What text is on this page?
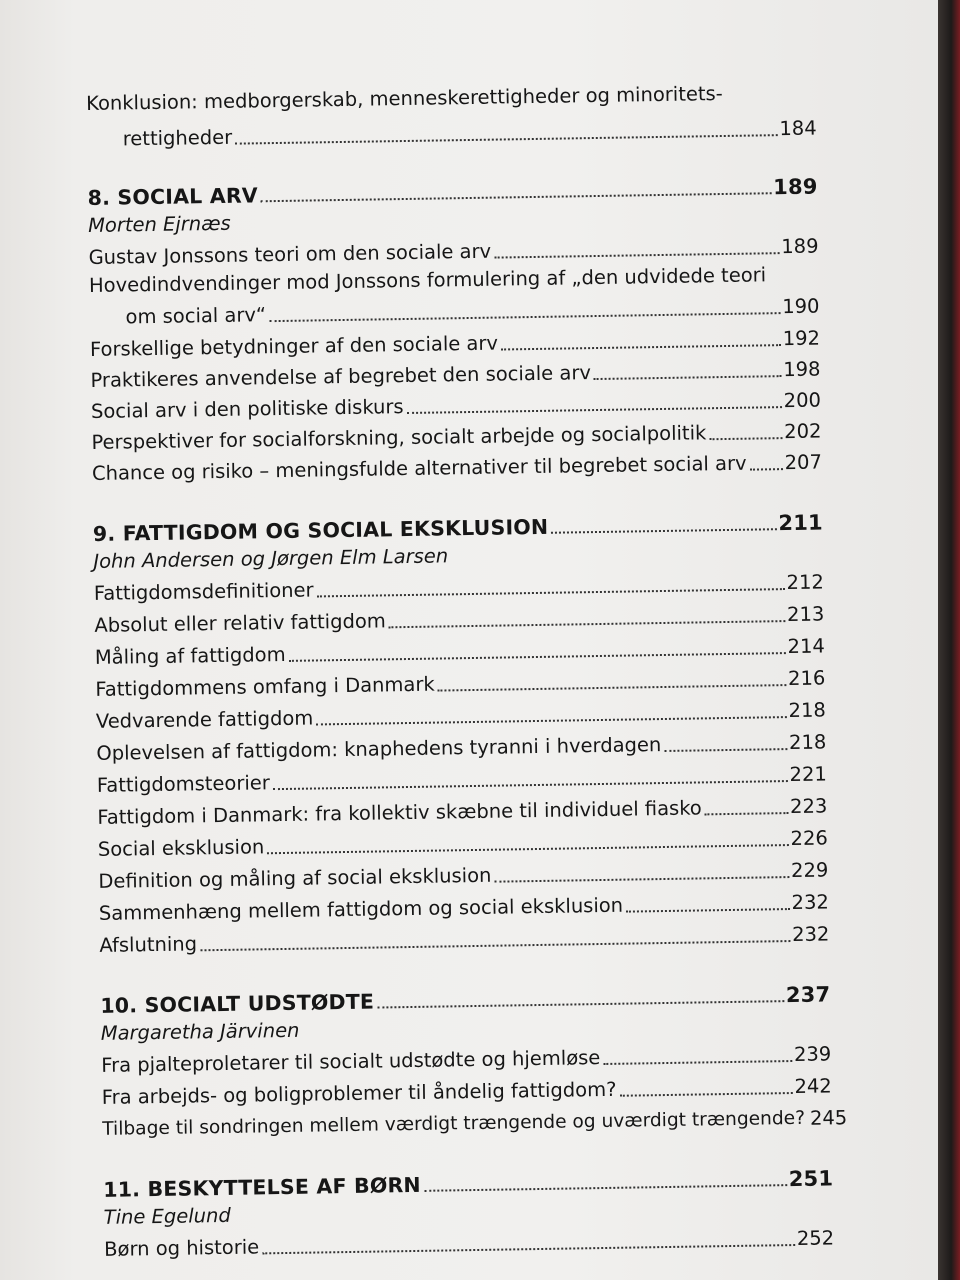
Konklusion: medborgerskab, menneskerettigheder og minoritets-
rettigheder	184
8. SOCIAL ARV	189
Morten Ejrnæs
Gustav Jonssons teori om den sociale arv	189
Hovedindvendinger mod Jonssons formulering af „den udvidede teori
om social arv“	190
Forskellige betydninger af den sociale arv	192
Praktikeres anvendelse af begrebet den sociale arv	198
Social arv i den politiske diskurs	200
Perspektiver for socialforskning, socialt arbejde og socialpolitik	202
Chance og risiko – meningsfulde alternativer til begrebet social arv 207
9. FATTIGDOM OG SOCIAL EKSKLUSION	211
John Andersen og Jørgen Elm Larsen
Fattigdomsdefinitioner	212
Absolut eller relativ fattigdom	213
Måling af fattigdom	214
Fattigdommens omfang i Danmark	216
Vedvarende fattigdom	218
Oplevelsen af fattigdom: knaphedens tyranni i hverdagen	218
Fattigdomsteorier	221
Fattigdom i Danmark: fra kollektiv skæbne til individuel fiasko	223
Social eksklusion	226
Definition og måling af social eksklusion	229
Sammenhæng mellem fattigdom og social eksklusion	232
Afslutning	232
10. SOCIALT UDSTØDTE	237
Margaretha Järvinen
Fra pjalteproletarer til socialt udstødte og hjemløse	239
Fra arbejds- og boligproblemer til åndelig fattigdom?	242
Tilbage til sondringen mellem værdigt trængende og uværdigt trængende? 245
11. BESKYTTELSE AF BØRN	251
Tine Egelund
Børn og historie	252
